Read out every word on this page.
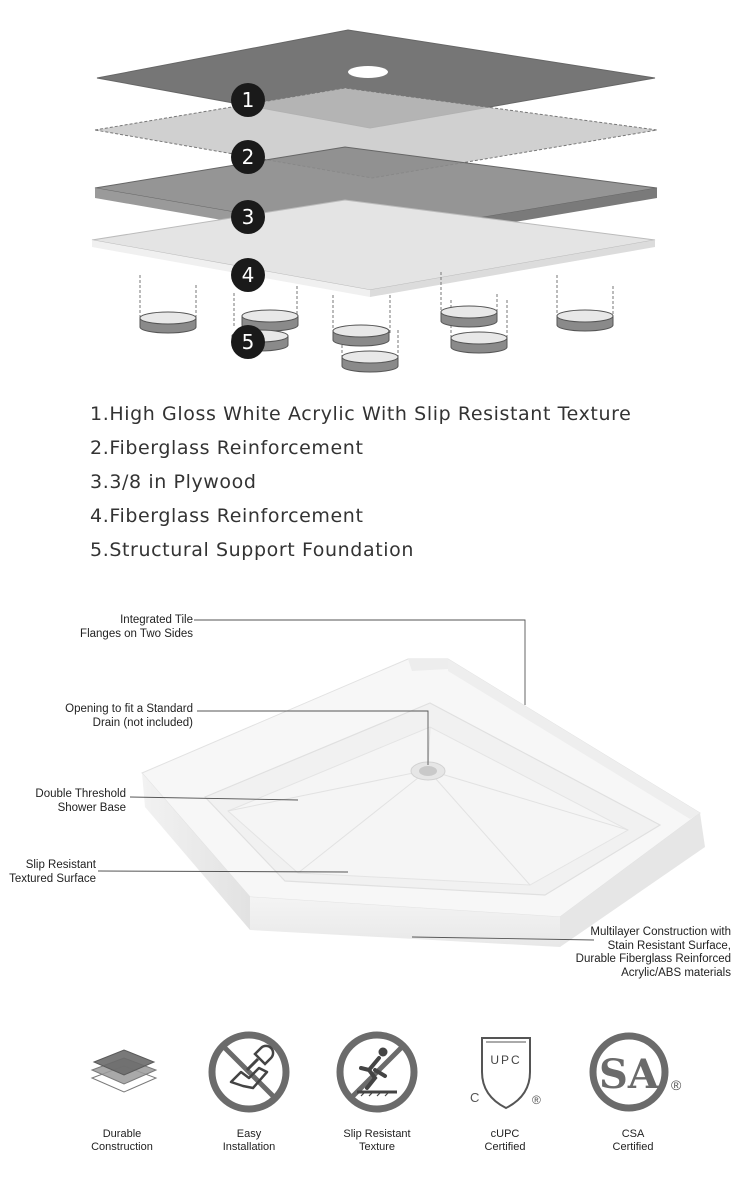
1
2
3
4
5
1.High Gloss White Acrylic With Slip Resistant Texture
2.Fiberglass Reinforcement
3.3/8 in Plywood
4.Fiberglass Reinforcement
5.Structural Support Foundation
Integrated Tile
Flanges on Two Sides
Opening to fit a Standard
Drain (not included)
Double Threshold
Shower Base
Slip Resistant
Textured Surface
Multilayer Construction with
Stain Resistant Surface,
Durable Fiberglass Reinforced
Acrylic/ABS materials
Durable
Construction
Easy
Installation
Slip Resistant
Texture
UPC
C	®
cUPC
Certified
SA ®
CSA
Certified
